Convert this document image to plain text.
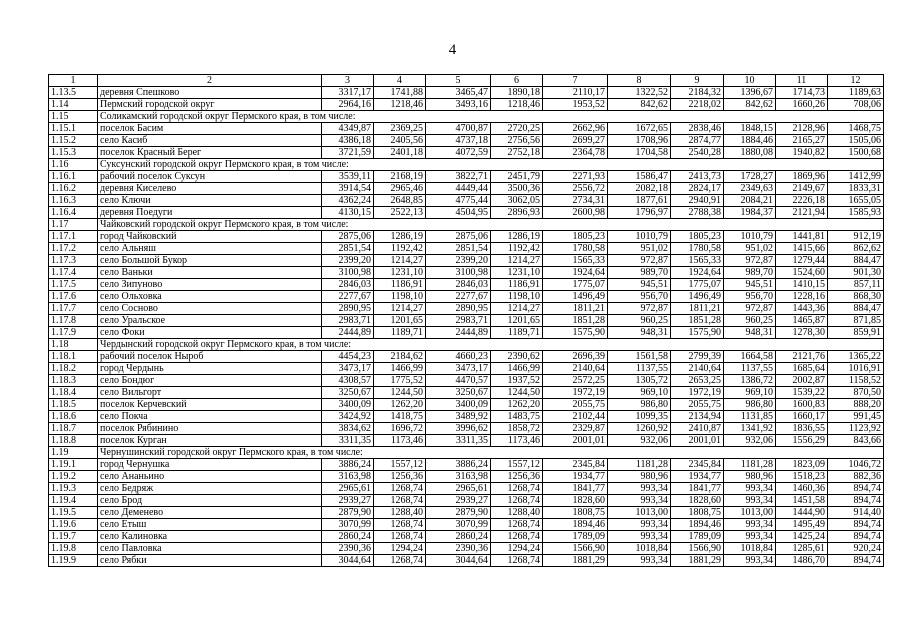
4
1	2	3	4	5	6	7	8	9	10	11	12
1.13.5	деревня Спешково	3317,17	1741,88	3465,47	1890,18	2110,17	1322,52	2184,32	1396,67	1714,73	1189,63
1.14	Пермский городской округ	2964,16	1218,46	3493,16	1218,46	1953,52	842,62	2218,02	842,62	1660,26	708,06
1.15	Соликамский городской округ Пермского края, в том числе:										
1.15.1	поселок Басим	4349,87	2369,25	4700,87	2720,25	2662,96	1672,65	2838,46	1848,15	2128,96	1468,75
1.15.2	село Касиб	4386,18	2405,56	4737,18	2756,56	2699,27	1708,96	2874,77	1884,46	2165,27	1505,06
1.15.3	поселок Красный Берег	3721,59	2401,18	4072,59	2752,18	2364,78	1704,58	2540,28	1880,08	1940,82	1500,68
1.16	Суксунский городской округ Пермского края, в том числе:										
1.16.1	рабочий поселок Суксун	3539,11	2168,19	3822,71	2451,79	2271,93	1586,47	2413,73	1728,27	1869,96	1412,99
1.16.2	деревня Киселево	3914,54	2965,46	4449,44	3500,36	2556,72	2082,18	2824,17	2349,63	2149,67	1833,31
1.16.3	село Ключи	4362,24	2648,85	4775,44	3062,05	2734,31	1877,61	2940,91	2084,21	2226,18	1655,05
1.16.4	деревня Поедуги	4130,15	2522,13	4504,95	2896,93	2600,98	1796,97	2788,38	1984,37	2121,94	1585,93
1.17	Чайковский городской округ Пермского края, в том числе:										
1.17.1	город Чайковский	2875,06	1286,19	2875,06	1286,19	1805,23	1010,79	1805,23	1010,79	1441,81	912,19
1.17.2	село Альняш	2851,54	1192,42	2851,54	1192,42	1780,58	951,02	1780,58	951,02	1415,66	862,62
1.17.3	село Большой Букор	2399,20	1214,27	2399,20	1214,27	1565,33	972,87	1565,33	972,87	1279,44	884,47
1.17.4	село Ваньки	3100,98	1231,10	3100,98	1231,10	1924,64	989,70	1924,64	989,70	1524,60	901,30
1.17.5	село Зипуново	2846,03	1186,91	2846,03	1186,91	1775,07	945,51	1775,07	945,51	1410,15	857,11
1.17.6	село Ольховка	2277,67	1198,10	2277,67	1198,10	1496,49	956,70	1496,49	956,70	1228,16	868,30
1.17.7	село Сосново	2890,95	1214,27	2890,95	1214,27	1811,21	972,87	1811,21	972,87	1443,36	884,47
1.17.8	село Уральское	2983,71	1201,65	2983,71	1201,65	1851,28	960,25	1851,28	960,25	1465,87	871,85
1.17.9	село Фоки	2444,89	1189,71	2444,89	1189,71	1575,90	948,31	1575,90	948,31	1278,30	859,91
1.18	Чердынский городской округ Пермского края, в том числе:										
1.18.1	рабочий поселок Ныроб	4454,23	2184,62	4660,23	2390,62	2696,39	1561,58	2799,39	1664,58	2121,76	1365,22
1.18.2	город Чердынь	3473,17	1466,99	3473,17	1466,99	2140,64	1137,55	2140,64	1137,55	1685,64	1016,91
1.18.3	село Бондюг	4308,57	1775,52	4470,57	1937,52	2572,25	1305,72	2653,25	1386,72	2002,87	1158,52
1.18.4	село Вильгорт	3250,67	1244,50	3250,67	1244,50	1972,19	969,10	1972,19	969,10	1539,22	870,50
1.18.5	поселок Керчевский	3400,09	1262,20	3400,09	1262,20	2055,75	986,80	2055,75	986,80	1600,83	888,20
1.18.6	село Покча	3424,92	1418,75	3489,92	1483,75	2102,44	1099,35	2134,94	1131,85	1660,17	991,45
1.18.7	поселок Рябинино	3834,62	1696,72	3996,62	1858,72	2329,87	1260,92	2410,87	1341,92	1836,55	1123,92
1.18.8	поселок Курган	3311,35	1173,46	3311,35	1173,46	2001,01	932,06	2001,01	932,06	1556,29	843,66
1.19	Чернушинский городской округ Пермского края, в том числе:										
1.19.1	город Чернушка	3886,24	1557,12	3886,24	1557,12	2345,84	1181,28	2345,84	1181,28	1823,09	1046,72
1.19.2	село Ананьино	3163,98	1256,36	3163,98	1256,36	1934,77	980,96	1934,77	980,96	1518,23	882,36
1.19.3	село Бедряж	2965,61	1268,74	2965,61	1268,74	1841,77	993,34	1841,77	993,34	1460,36	894,74
1.19.4	село Брод	2939,27	1268,74	2939,27	1268,74	1828,60	993,34	1828,60	993,34	1451,58	894,74
1.19.5	село Деменево	2879,90	1288,40	2879,90	1288,40	1808,75	1013,00	1808,75	1013,00	1444,90	914,40
1.19.6	село Етыш	3070,99	1268,74	3070,99	1268,74	1894,46	993,34	1894,46	993,34	1495,49	894,74
1.19.7	село Калиновка	2860,24	1268,74	2860,24	1268,74	1789,09	993,34	1789,09	993,34	1425,24	894,74
1.19.8	село Павловка	2390,36	1294,24	2390,36	1294,24	1566,90	1018,84	1566,90	1018,84	1285,61	920,24
1.19.9	село Рябки	3044,64	1268,74	3044,64	1268,74	1881,29	993,34	1881,29	993,34	1486,70	894,74
